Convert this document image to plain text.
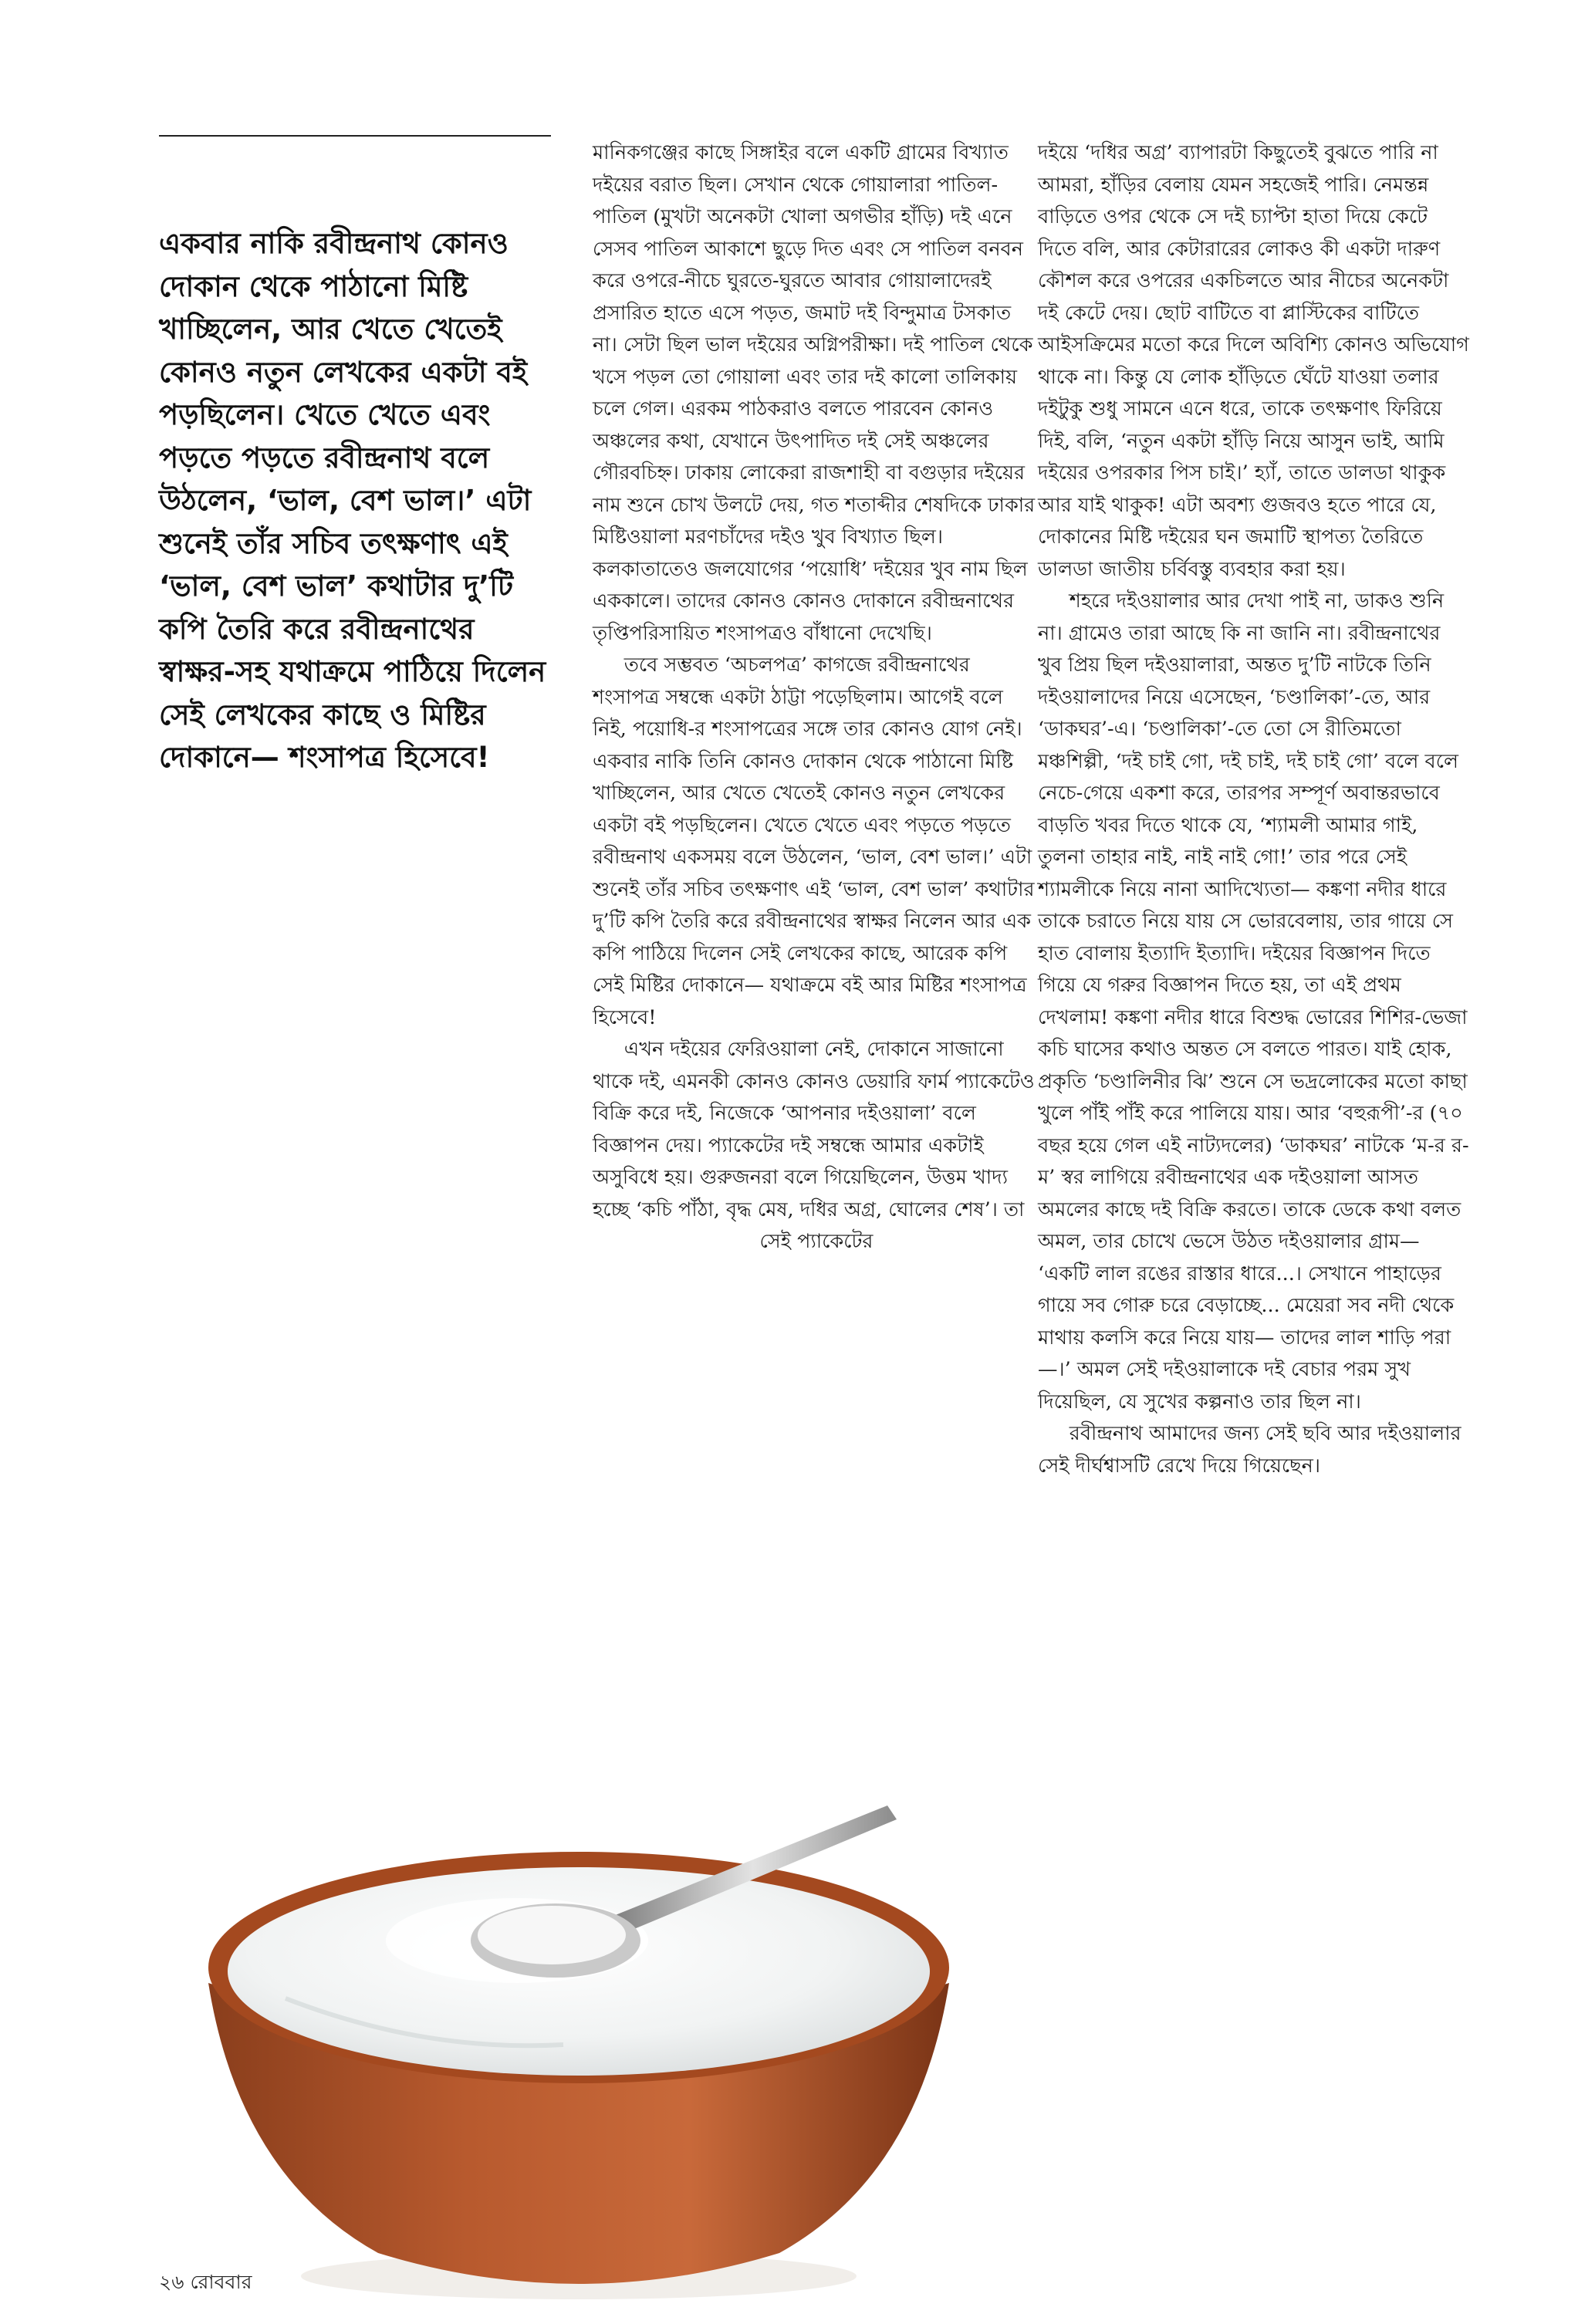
একবার নাকি রবীন্দ্রনাথ কোনও দোকান থেকে পাঠানো মিষ্টি খাচ্ছিলেন, আর খেতে খেতেই কোনও নতুন লেখকের একটা বই পড়ছিলেন। খেতে খেতে এবং পড়তে পড়তে রবীন্দ্রনাথ বলে উঠলেন, ‘ভাল, বেশ ভাল।’ এটা শুনেই তাঁর সচিব তৎক্ষণাৎ এই ‘ভাল, বেশ ভাল’ কথাটার দু’টি কপি তৈরি করে রবীন্দ্রনাথের স্বাক্ষর-সহ যথাক্রমে পাঠিয়ে দিলেন সেই লেখকের কাছে ও মিষ্টির দোকানে— শংসাপত্র হিসেবে!

মানিকগঞ্জের কাছে সিঙ্গাইর বলে একটি গ্রামের বিখ্যাত দইয়ের বরাত ছিল। সেখান থেকে গোয়ালারা পাতিল-পাতিল (মুখটা অনেকটা খোলা অগভীর হাঁড়ি) দই এনে সেসব পাতিল আকাশে ছুড়ে দিত এবং সে পাতিল বনবন করে ওপরে-নীচে ঘুরতে-ঘুরতে আবার গোয়ালাদেরই প্রসারিত হাতে এসে পড়ত, জমাট দই বিন্দুমাত্র টসকাত না। সেটা ছিল ভাল দইয়ের অগ্নিপরীক্ষা। দই পাতিল থেকে খসে পড়ল তো গোয়ালা এবং তার দই কালো তালিকায় চলে গেল। এরকম পাঠকরাও বলতে পারবেন কোনও অঞ্চলের কথা, যেখানে উৎপাদিত দই সেই অঞ্চলের গৌরবচিহ্ন। ঢাকায় লোকেরা রাজশাহী বা বগুড়ার দইয়ের নাম শুনে চোখ উলটে দেয়, গত শতাব্দীর শেষদিকে ঢাকার মিষ্টিওয়ালা মরণচাঁদের দইও খুব বিখ্যাত ছিল। কলকাতাতেও জলযোগের ‘পয়োধি’ দইয়ের খুব নাম ছিল এককালে। তাদের কোনও কোনও দোকানে রবীন্দ্রনাথের তৃপ্তিপরিসায়িত শংসাপত্রও বাঁধানো দেখেছি।

তবে সম্ভবত ‘অচলপত্র’ কাগজে রবীন্দ্রনাথের শংসাপত্র সম্বন্ধে একটা ঠাট্টা পড়েছিলাম। আগেই বলে নিই, পয়োধি-র শংসাপত্রের সঙ্গে তার কোনও যোগ নেই। একবার নাকি তিনি কোনও দোকান থেকে পাঠানো মিষ্টি খাচ্ছিলেন, আর খেতে খেতেই কোনও নতুন লেখকের একটা বই পড়ছিলেন। খেতে খেতে এবং পড়তে পড়তে রবীন্দ্রনাথ একসময় বলে উঠলেন, ‘ভাল, বেশ ভাল।’ এটা শুনেই তাঁর সচিব তৎক্ষণাৎ এই ‘ভাল, বেশ ভাল’ কথাটার দু’টি কপি তৈরি করে রবীন্দ্রনাথের স্বাক্ষর নিলেন আর এক কপি পাঠিয়ে দিলেন সেই লেখকের কাছে, আরেক কপি সেই মিষ্টির দোকানে— যথাক্রমে বই আর মিষ্টির শংসাপত্র হিসেবে!

এখন দইয়ের ফেরিওয়ালা নেই, দোকানে সাজানো থাকে দই, এমনকী কোনও কোনও ডেয়ারি ফার্ম প্যাকেটেও বিক্রি করে দই, নিজেকে ‘আপনার দইওয়ালা’ বলে বিজ্ঞাপন দেয়। প্যাকেটের দই সম্বন্ধে আমার একটাই অসুবিধে হয়। গুরুজনরা বলে গিয়েছিলেন, উত্তম খাদ্য হচ্ছে ‘কচি পাঁঠা, বৃদ্ধ মেষ, দধির অগ্র, ঘোলের শেষ’। তা

সেই প্যাকেটের

দইয়ে ‘দধির অগ্র’ ব্যাপারটা কিছুতেই বুঝতে পারি না আমরা, হাঁড়ির বেলায় যেমন সহজেই পারি। নেমন্তন্ন বাড়িতে ওপর থেকে সে দই চ্যাপ্টা হাতা দিয়ে কেটে দিতে বলি, আর কেটারারের লোকও কী একটা দারুণ কৌশল করে ওপরের একচিলতে আর নীচের অনেকটা দই কেটে দেয়। ছোট বাটিতে বা প্লাস্টিকের বাটিতে আইসক্রিমের মতো করে দিলে অবিশ্যি কোনও অভিযোগ থাকে না। কিন্তু যে লোক হাঁড়িতে ঘেঁটে যাওয়া তলার দইটুকু শুধু সামনে এনে ধরে, তাকে তৎক্ষণাৎ ফিরিয়ে দিই, বলি, ‘নতুন একটা হাঁড়ি নিয়ে আসুন ভাই, আমি দইয়ের ওপরকার পিস চাই।’ হ্যাঁ, তাতে ডালডা থাকুক আর যাই থাকুক! এটা অবশ্য গুজবও হতে পারে যে, দোকানের মিষ্টি দইয়ের ঘন জমাটি স্থাপত্য তৈরিতে ডালডা জাতীয় চর্বিবস্তু ব্যবহার করা হয়।

শহরে দইওয়ালার আর দেখা পাই না, ডাকও শুনি না। গ্রামেও তারা আছে কি না জানি না। রবীন্দ্রনাথের খুব প্রিয় ছিল দইওয়ালারা, অন্তত দু’টি নাটকে তিনি দইওয়ালাদের নিয়ে এসেছেন, ‘চণ্ডালিকা’-তে, আর ‘ডাকঘর’-এ। ‘চণ্ডালিকা’-তে তো সে রীতিমতো মঞ্চশিল্পী, ‘দই চাই গো, দই চাই, দই চাই গো’ বলে বলে নেচে-গেয়ে একশা করে, তারপর সম্পূর্ণ অবান্তরভাবে বাড়তি খবর দিতে থাকে যে, ‘শ্যামলী আমার গাই, তুলনা তাহার নাই, নাই নাই গো!’ তার পরে সেই শ্যামলীকে নিয়ে নানা আদিখ্যেতা— কঙ্কণা নদীর ধারে তাকে চরাতে নিয়ে যায় সে ভোরবেলায়, তার গায়ে সে হাত বোলায় ইত্যাদি ইত্যাদি। দইয়ের বিজ্ঞাপন দিতে গিয়ে যে গরুর বিজ্ঞাপন দিতে হয়, তা এই প্রথম দেখলাম! কঙ্কণা নদীর ধারে বিশুদ্ধ ভোরের শিশির-ভেজা কচি ঘাসের কথাও অন্তত সে বলতে পারত। যাই হোক, প্রকৃতি ‘চণ্ডালিনীর ঝি’ শুনে সে ভদ্রলোকের মতো কাছা খুলে পাঁই পাঁই করে পালিয়ে যায়। আর ‘বহুরূপী’-র (৭০ বছর হয়ে গেল এই নাট্যদলের) ‘ডাকঘর’ নাটকে ‘ম-র র-ম’ স্বর লাগিয়ে রবীন্দ্রনাথের এক দইওয়ালা আসত অমলের কাছে দই বিক্রি করতে। তাকে ডেকে কথা বলত অমল, তার চোখে ভেসে উঠত দইওয়ালার গ্রাম— ‘একটি লাল রঙের রাস্তার ধারে...। সেখানে পাহাড়ের গায়ে সব গোরু চরে বেড়াচ্ছে... মেয়েরা সব নদী থেকে মাথায় কলসি করে নিয়ে যায়— তাদের লাল শাড়ি পরা—।’ অমল সেই দইওয়ালাকে দই বেচার পরম সুখ দিয়েছিল, যে সুখের কল্পনাও তার ছিল না।

রবীন্দ্রনাথ আমাদের জন্য সেই ছবি আর দইওয়ালার সেই দীর্ঘশ্বাসটি রেখে দিয়ে গিয়েছেন।

২৬ রোববার
